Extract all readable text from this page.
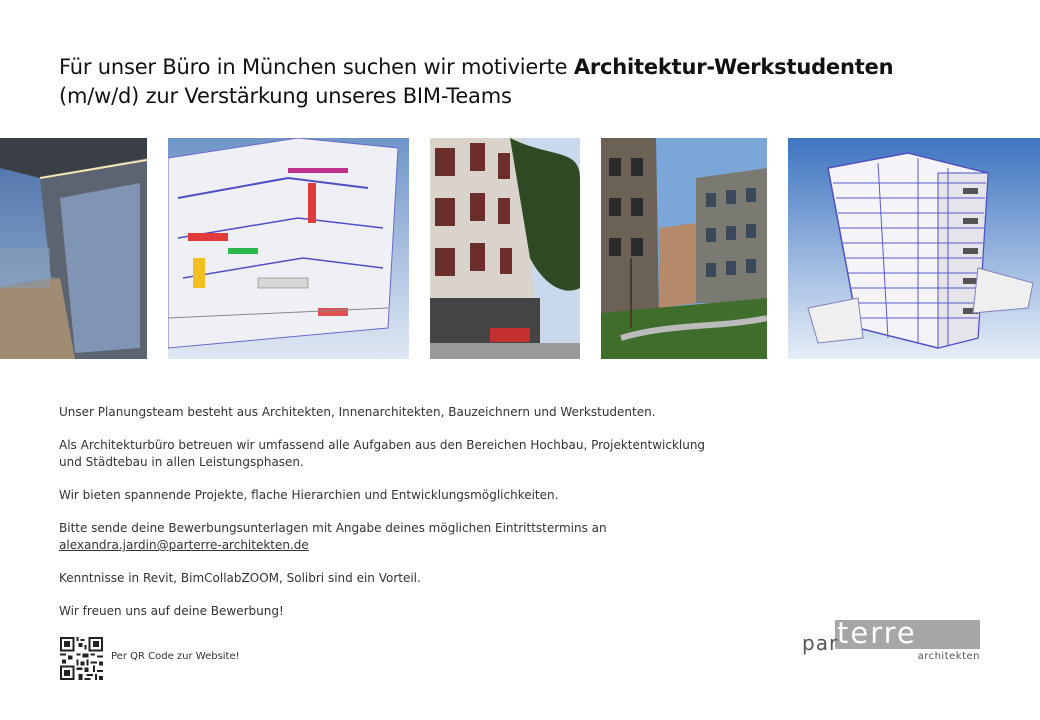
Für unser Büro in München suchen wir motivierte Architektur-Werkstudenten
(m/w/d) zur Verstärkung unseres BIM-Teams

Unser Planungsteam besteht aus Architekten, Innenarchitekten, Bauzeichnern und Werkstudenten.

Als Architekturbüro betreuen wir umfassend alle Aufgaben aus den Bereichen Hochbau, Projektentwicklung
und Städtebau in allen Leistungsphasen.

Wir bieten spannende Projekte, flache Hierarchien und Entwicklungsmöglichkeiten.

Bitte sende deine Bewerbungsunterlagen mit Angabe deines möglichen Eintrittstermins an
alexandra.jardin@parterre-architekten.de

Kenntnisse in Revit, BimCollabZOOM, Solibri sind ein Vorteil.

Wir freuen uns auf deine Bewerbung!

Per QR Code zur Website!
par
terre
architekten
